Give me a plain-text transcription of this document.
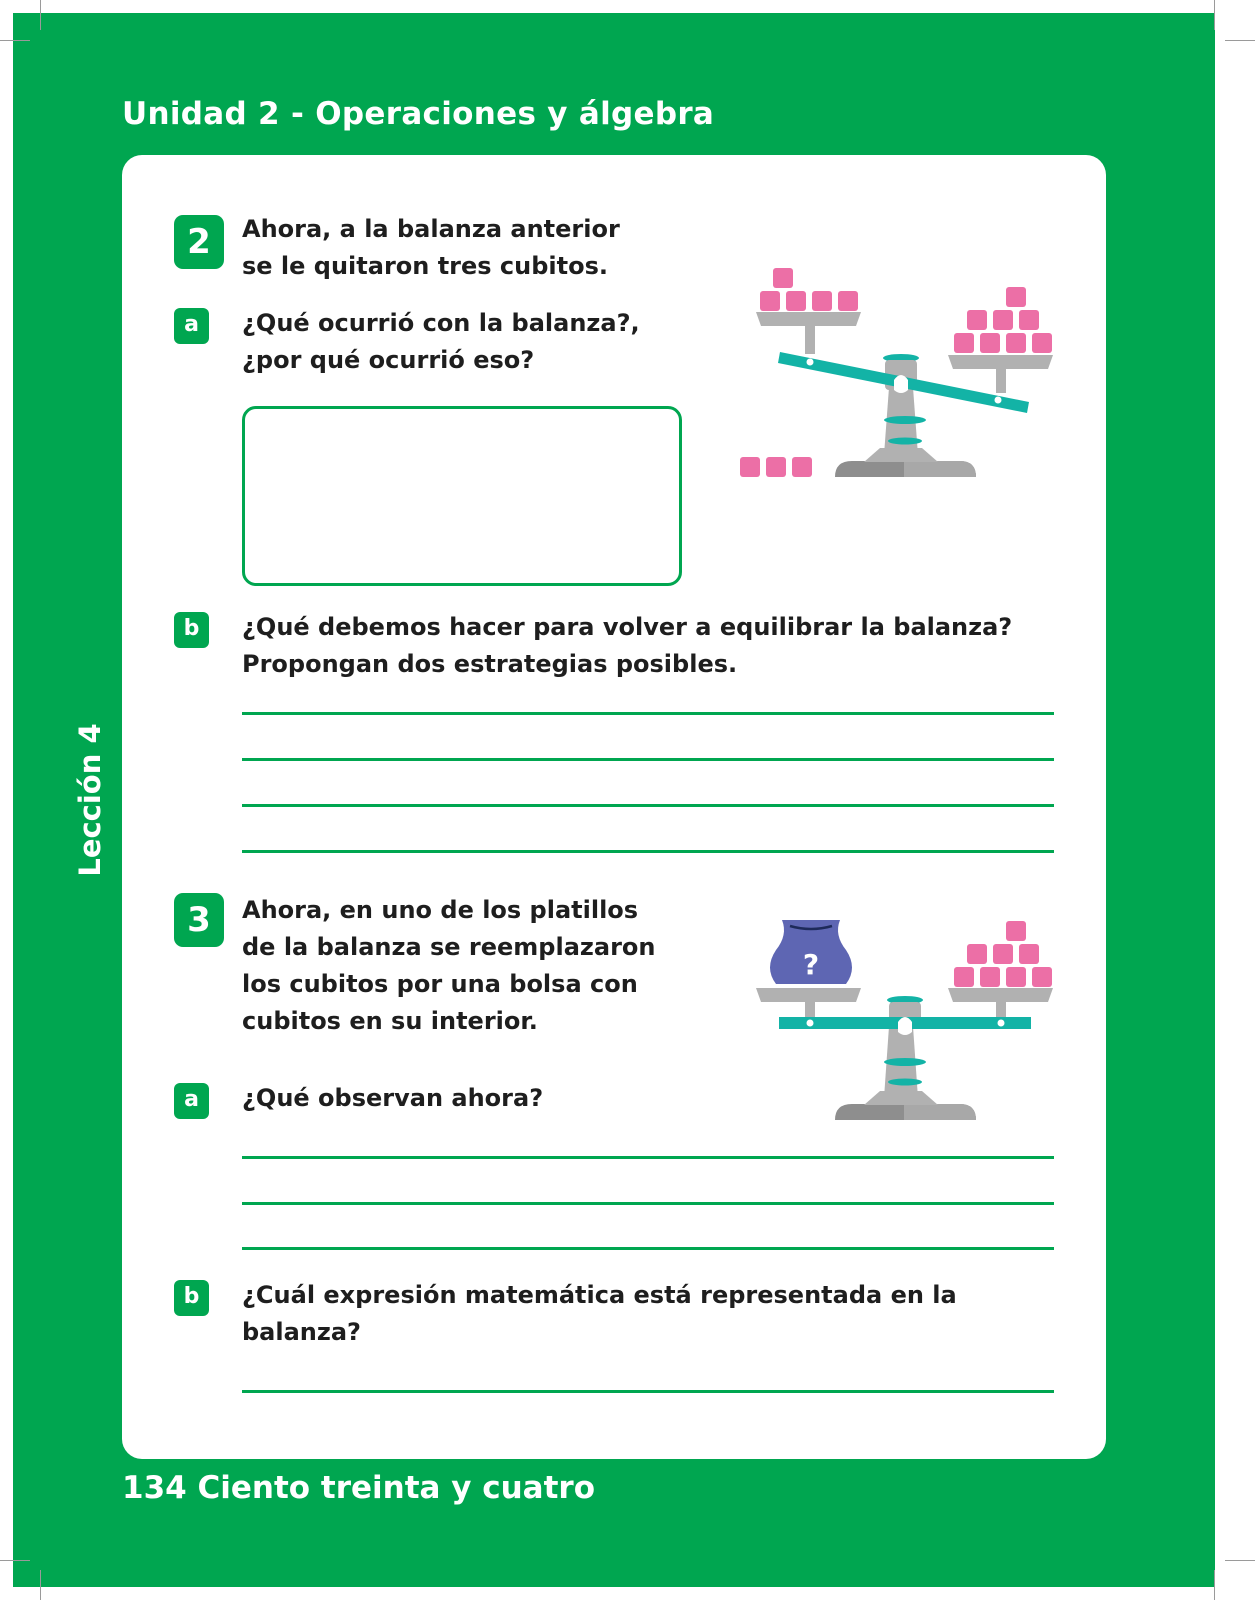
Unidad 2 - Operaciones y álgebra
Lección 4
134 Ciento treinta y cuatro
2	Ahora, a la balanza anterior
se le quitaron tres cubitos.
a	¿Qué ocurrió con la balanza?,
¿por qué ocurrió eso?
b	¿Qué debemos hacer para volver a equilibrar la balanza?
Propongan dos estrategias posibles.
3	Ahora, en uno de los platillos
de la balanza se reemplazaron
los cubitos por una bolsa con
cubitos en su interior.
a	¿Qué observan ahora?
b	¿Cuál expresión matemática está representada en la
balanza?
?
